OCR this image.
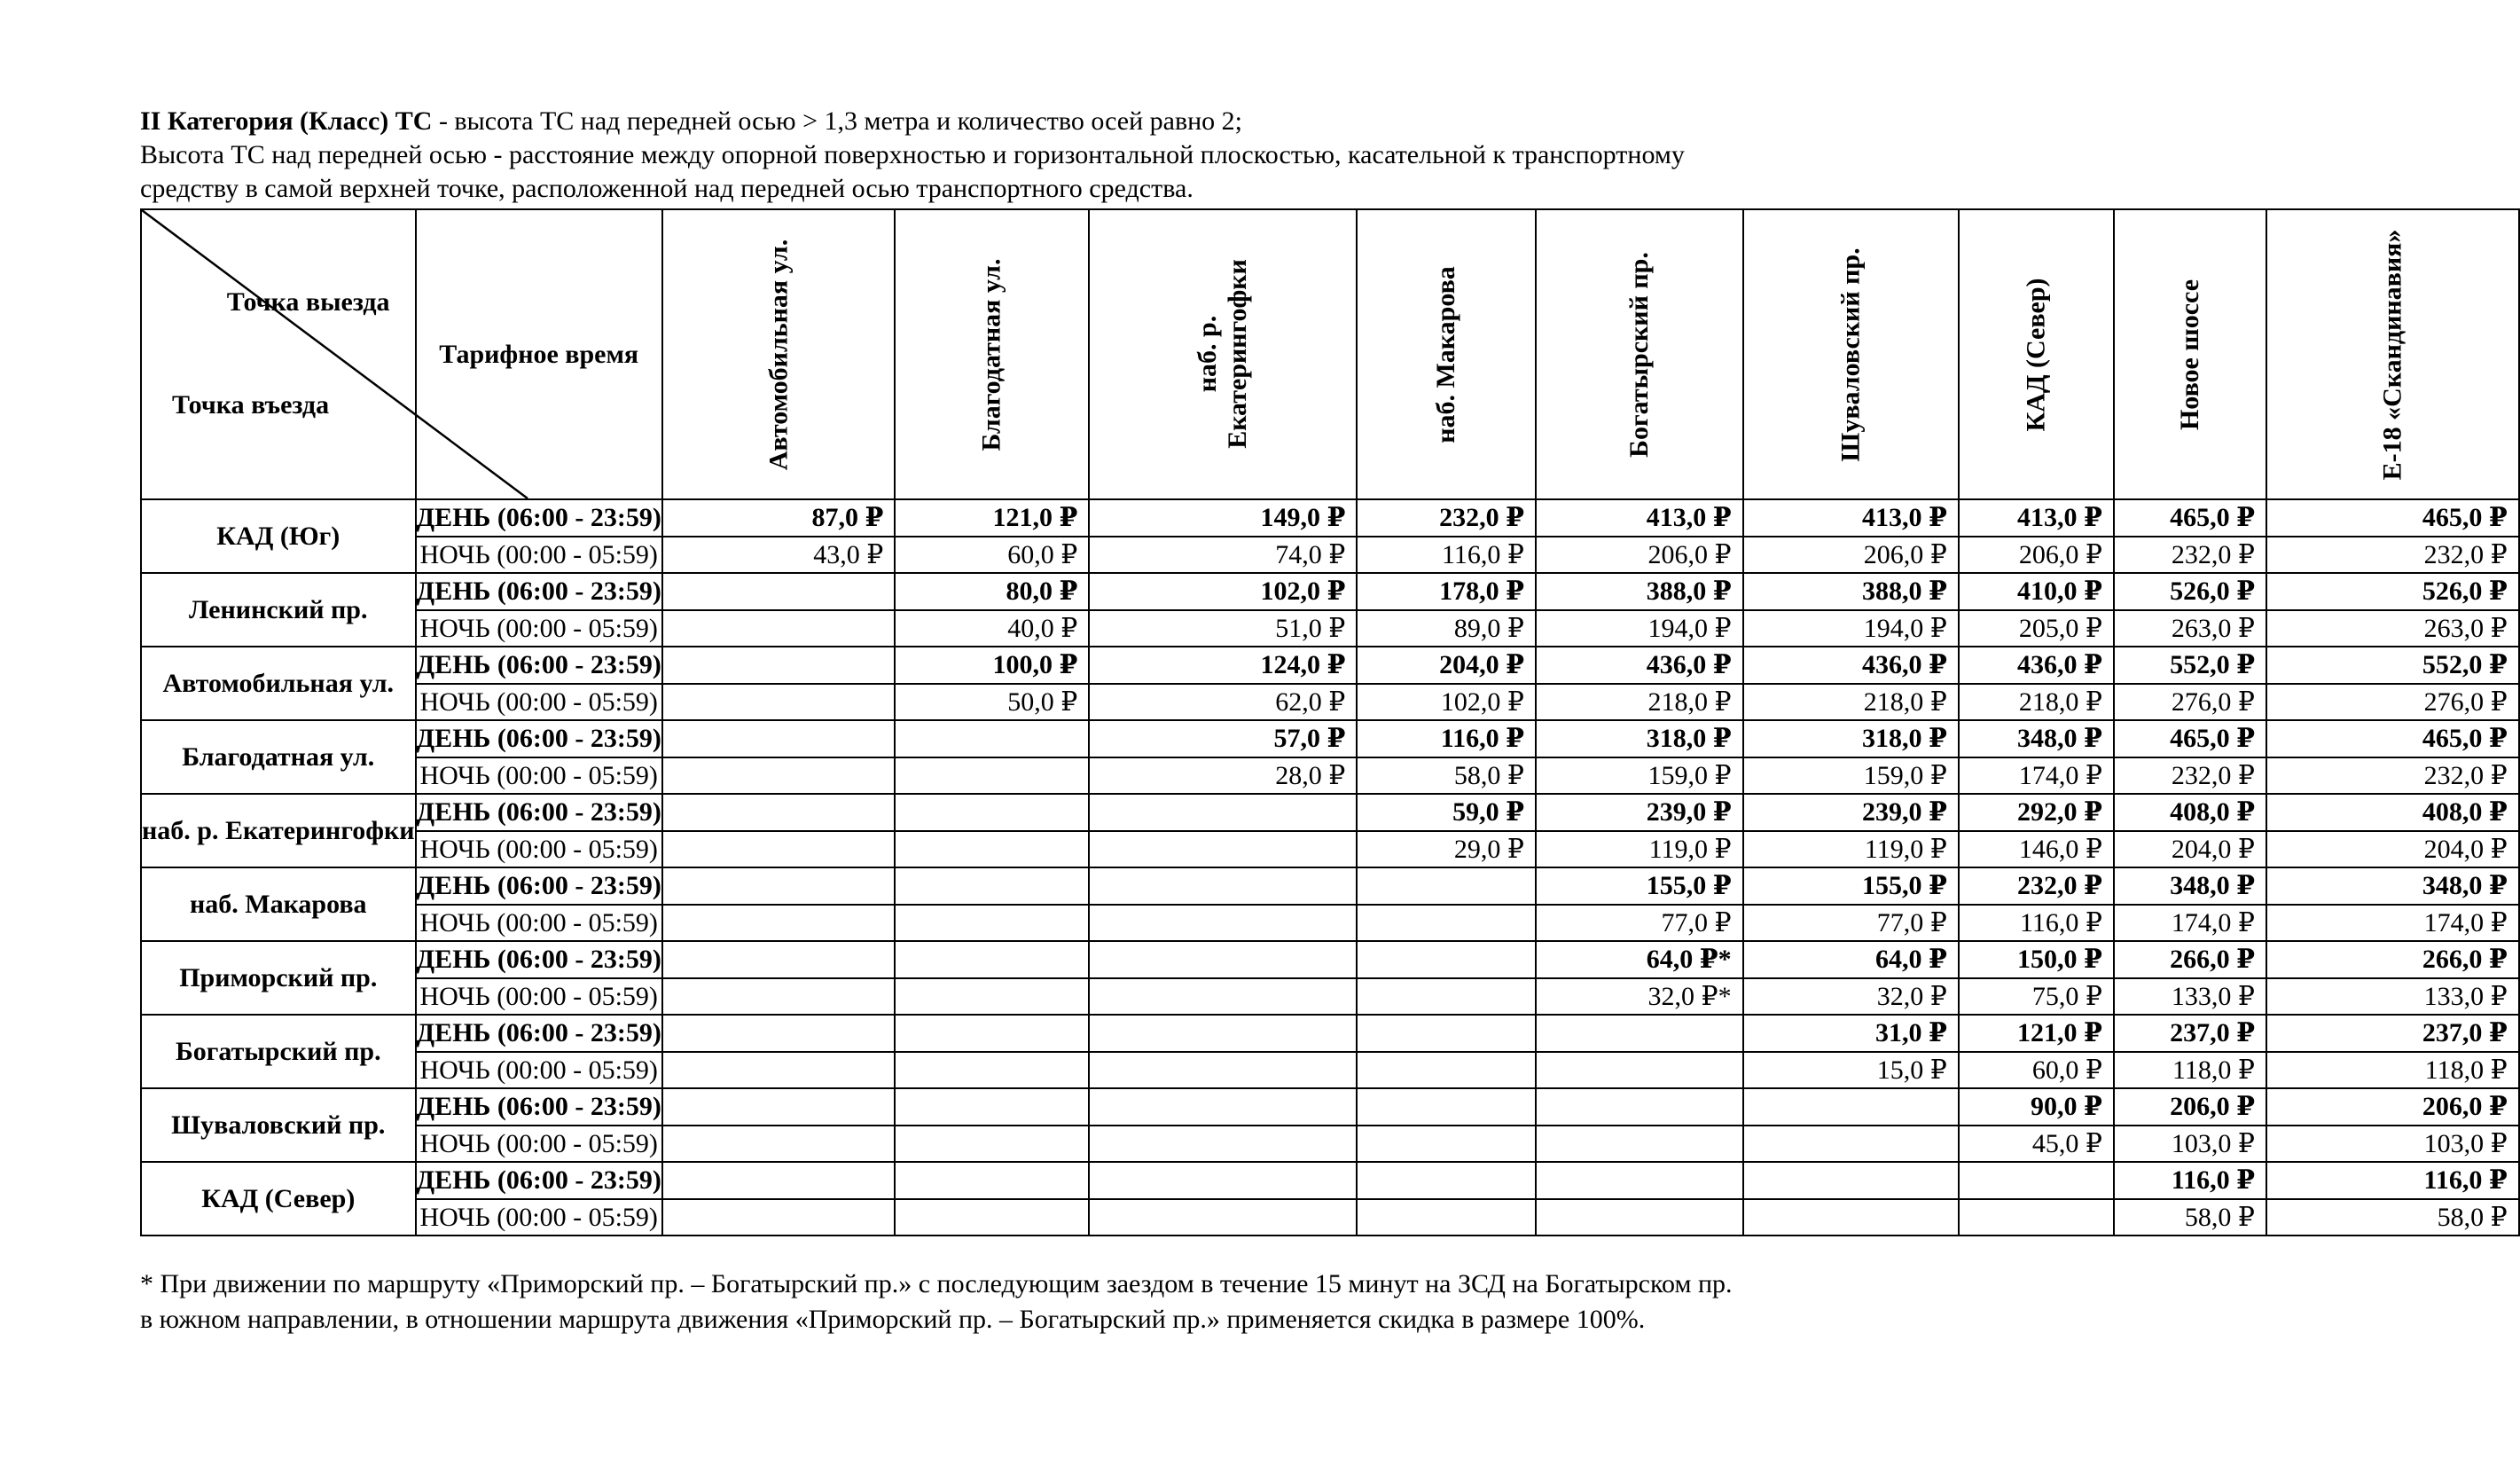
II Категория (Класс) ТС - высота ТС над передней осью > 1,3 метра и количество осей равно 2;

Высота ТС над передней осью - расстояние между опорной поверхностью и горизонтальной плоскостью, касательной к транспортному

средству в самой верхней точке, расположенной над передней осью транспортного средства.

Точка выезда
Точка въезда	Тарифное время	Автомобильная ул.	Благодатная ул.	наб. р. Екатерингофки	наб. Макарова	Богатырский пр.	Шуваловский пр.	КАД (Север)	Новое шоссе	Е-18 «Скандинавия»
КАД (Юг)	ДЕНЬ (06:00 - 23:59)	87,0 ₽	121,0 ₽	149,0 ₽	232,0 ₽	413,0 ₽	413,0 ₽	413,0 ₽	465,0 ₽	465,0 ₽
	НОЧЬ (00:00 - 05:59)	43,0 ₽	60,0 ₽	74,0 ₽	116,0 ₽	206,0 ₽	206,0 ₽	206,0 ₽	232,0 ₽	232,0 ₽
Ленинский пр.	ДЕНЬ (06:00 - 23:59)		80,0 ₽	102,0 ₽	178,0 ₽	388,0 ₽	388,0 ₽	410,0 ₽	526,0 ₽	526,0 ₽
	НОЧЬ (00:00 - 05:59)		40,0 ₽	51,0 ₽	89,0 ₽	194,0 ₽	194,0 ₽	205,0 ₽	263,0 ₽	263,0 ₽
Автомобильная ул.	ДЕНЬ (06:00 - 23:59)		100,0 ₽	124,0 ₽	204,0 ₽	436,0 ₽	436,0 ₽	436,0 ₽	552,0 ₽	552,0 ₽
	НОЧЬ (00:00 - 05:59)		50,0 ₽	62,0 ₽	102,0 ₽	218,0 ₽	218,0 ₽	218,0 ₽	276,0 ₽	276,0 ₽
Благодатная ул.	ДЕНЬ (06:00 - 23:59)			57,0 ₽	116,0 ₽	318,0 ₽	318,0 ₽	348,0 ₽	465,0 ₽	465,0 ₽
	НОЧЬ (00:00 - 05:59)			28,0 ₽	58,0 ₽	159,0 ₽	159,0 ₽	174,0 ₽	232,0 ₽	232,0 ₽
наб. р. Екатерингофки	ДЕНЬ (06:00 - 23:59)				59,0 ₽	239,0 ₽	239,0 ₽	292,0 ₽	408,0 ₽	408,0 ₽
	НОЧЬ (00:00 - 05:59)				29,0 ₽	119,0 ₽	119,0 ₽	146,0 ₽	204,0 ₽	204,0 ₽
наб. Макарова	ДЕНЬ (06:00 - 23:59)					155,0 ₽	155,0 ₽	232,0 ₽	348,0 ₽	348,0 ₽
	НОЧЬ (00:00 - 05:59)					77,0 ₽	77,0 ₽	116,0 ₽	174,0 ₽	174,0 ₽
Приморский пр.	ДЕНЬ (06:00 - 23:59)					64,0 ₽*	64,0 ₽	150,0 ₽	266,0 ₽	266,0 ₽
	НОЧЬ (00:00 - 05:59)					32,0 ₽*	32,0 ₽	75,0 ₽	133,0 ₽	133,0 ₽
Богатырский пр.	ДЕНЬ (06:00 - 23:59)						31,0 ₽	121,0 ₽	237,0 ₽	237,0 ₽
	НОЧЬ (00:00 - 05:59)						15,0 ₽	60,0 ₽	118,0 ₽	118,0 ₽
Шуваловский пр.	ДЕНЬ (06:00 - 23:59)							90,0 ₽	206,0 ₽	206,0 ₽
	НОЧЬ (00:00 - 05:59)							45,0 ₽	103,0 ₽	103,0 ₽
КАД (Север)	ДЕНЬ (06:00 - 23:59)								116,0 ₽	116,0 ₽
	НОЧЬ (00:00 - 05:59)								58,0 ₽	58,0 ₽

* При движении по маршруту «Приморский пр. – Богатырский пр.» с последующим заездом в течение 15 минут на ЗСД на Богатырском пр.

в южном направлении, в отношении маршрута движения «Приморский пр. – Богатырский пр.» применяется скидка в размере 100%.
